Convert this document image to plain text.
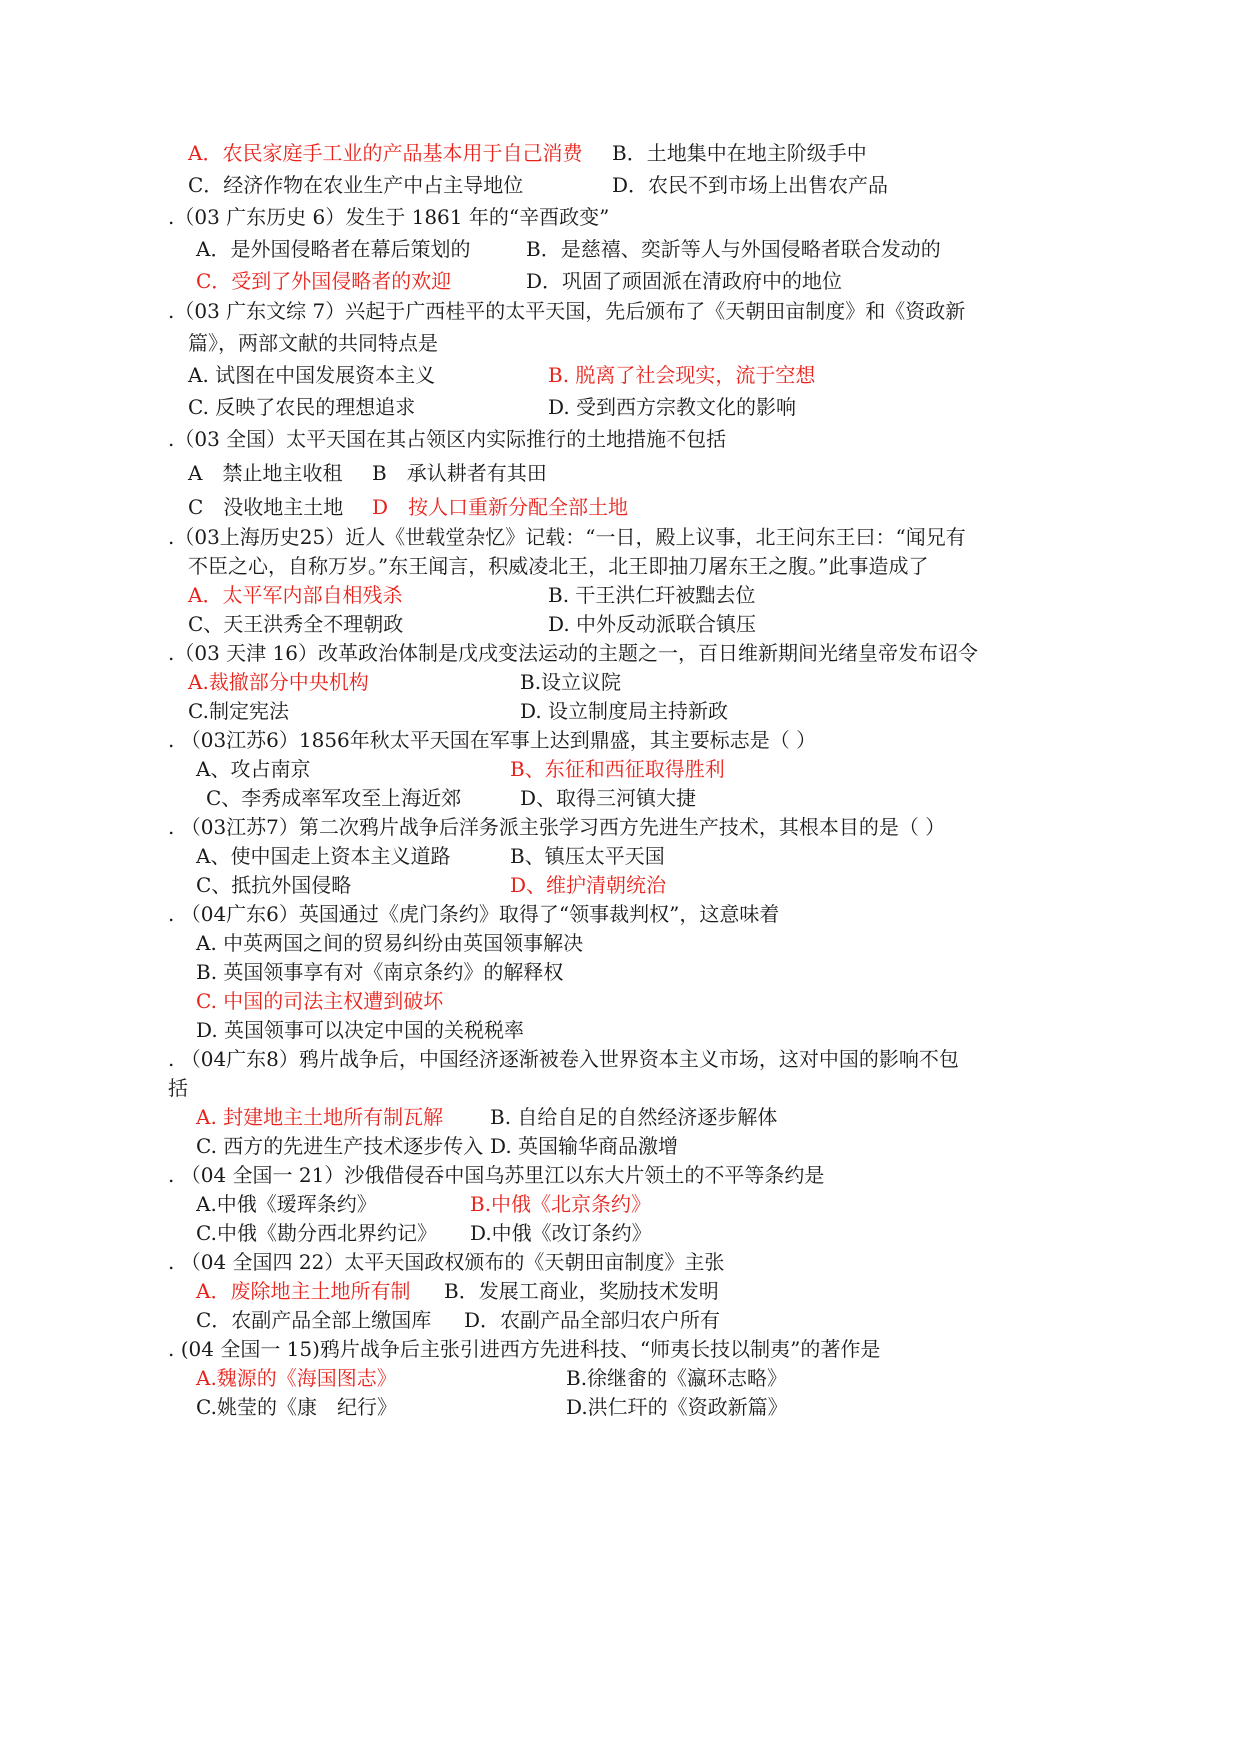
A．农民家庭手工业的产品基本用于自己消费 B．土地集中在地主阶级手中
C．经济作物在农业生产中占主导地位	D．农民不到市场上出售农产品
.（03 广东历史 6）发生于 1861 年的“辛酉政变”
A．是外国侵略者在幕后策划的	B．是慈禧、奕訢等人与外国侵略者联合发动的
C．受到了外国侵略者的欢迎	D．巩固了顽固派在清政府中的地位
.（03 广东文综 7）兴起于广西桂平的太平天国，先后颁布了《天朝田亩制度》和《资政新
篇》，两部文献的共同特点是
A. 试图在中国发展资本主义	B. 脱离了社会现实，流于空想
C. 反映了农民的理想追求	D. 受到西方宗教文化的影响
.（03 全国）太平天国在其占领区内实际推行的土地措施不包括
A　禁止地主收租 B　承认耕者有其田
C　没收地主土地 D　按人口重新分配全部土地
.（03上海历史25）近人《世载堂杂忆》记载：“一日，殿上议事，北王问东王曰：“闻兄有
不臣之心，自称万岁。”东王闻言，积威凌北王，北王即抽刀屠东王之腹。”此事造成了
A．太平军内部自相残杀	B. 干王洪仁玕被黜去位
C、天王洪秀全不理朝政	D. 中外反动派联合镇压
.（03 天津 16）改革政治体制是戊戌变法运动的主题之一，百日维新期间光绪皇帝发布诏令
A.裁撤部分中央机构	B.设立议院
C.制定宪法	D. 设立制度局主持新政
. （03江苏6）1856年秋太平天国在军事上达到鼎盛，其主要标志是（ ）
A、攻占南京	B、东征和西征取得胜利
C、李秀成率军攻至上海近郊	D、取得三河镇大捷
. （03江苏7）第二次鸦片战争后洋务派主张学习西方先进生产技术，其根本目的是（ ）
A、使中国走上资本主义道路	B、镇压太平天国
C、抵抗外国侵略	D、维护清朝统治
. （04广东6）英国通过《虎门条约》取得了“领事裁判权”，这意味着
A. 中英两国之间的贸易纠纷由英国领事解决
B. 英国领事享有对《南京条约》的解释权
C. 中国的司法主权遭到破坏
D. 英国领事可以决定中国的关税税率
. （04广东8）鸦片战争后，中国经济逐渐被卷入世界资本主义市场，这对中国的影响不包
括
A. 封建地主土地所有制瓦解 B. 自给自足的自然经济逐步解体
C. 西方的先进生产技术逐步传入 D. 英国输华商品激增
. （04 全国一 21）沙俄借侵吞中国乌苏里江以东大片领土的不平等条约是
A.中俄《瑷珲条约》	B.中俄《北京条约》
C.中俄《勘分西北界约记》 D.中俄《改订条约》
. （04 全国四 22）太平天国政权颁布的《天朝田亩制度》主张
A．废除地主土地所有制 B．发展工商业，奖励技术发明
C．农副产品全部上缴国库 D．农副产品全部归农户所有
. (04 全国一 15)鸦片战争后主张引进西方先进科技、“师夷长技以制夷”的著作是
A.魏源的《海国图志》	B.徐继畬的《瀛环志略》
C.姚莹的《康　纪行》	D.洪仁玕的《资政新篇》
